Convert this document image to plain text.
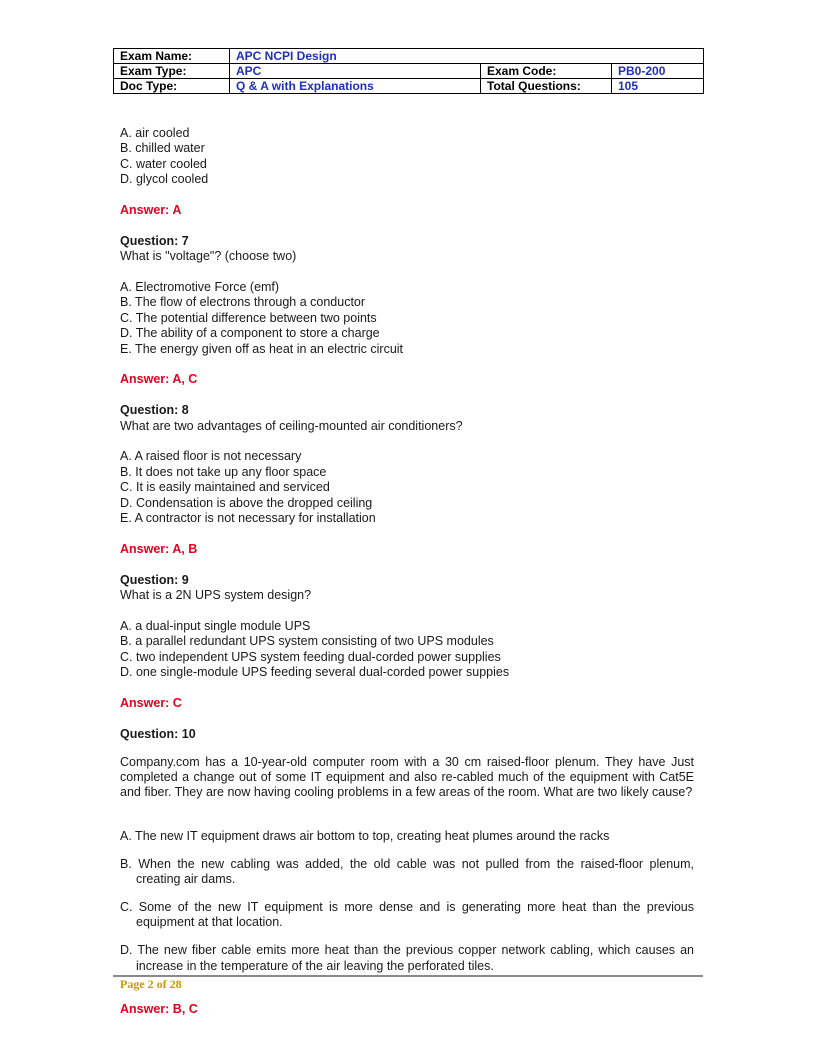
Exam Name:	APC NCPI Design		
Exam Type:	APC	Exam Code:	PB0-200
Doc Type:	Q & A with Explanations	Total Questions:	105

A. air cooled

B. chilled water

C. water cooled

D. glycol cooled

Answer: A

Question: 7

What is "voltage"? (choose two)

A. Electromotive Force (emf)

B. The flow of electrons through a conductor

C. The potential difference between two points

D. The ability of a component to store a charge

E. The energy given off as heat in an electric circuit

Answer: A, C

Question: 8

What are two advantages of ceiling-mounted air conditioners?

A. A raised floor is not necessary

B. It does not take up any floor space

C. It is easily maintained and serviced

D. Condensation is above the dropped ceiling

E. A contractor is not necessary for installation

Answer: A, B

Question: 9

What is a 2N UPS system design?

A. a dual-input single module UPS

B. a parallel redundant UPS system consisting of two UPS modules

C. two independent UPS system feeding dual-corded power supplies

D. one single-module UPS feeding several dual-corded power suppies

Answer: C

Question: 10

Company.com has a 10-year-old computer room with a 30 cm raised-floor plenum. They have Just completed a change out of some IT equipment and also re-cabled much of the equipment with Cat5E and fiber. They are now having cooling problems in a few areas of the room. What are two likely cause?

A. The new IT equipment draws air bottom to top, creating heat plumes around the racks

B. When the new cabling was added, the old cable was not pulled from the raised-floor plenum, creating air dams.

C. Some of the new IT equipment is more dense and is generating more heat than the previous equipment at that location.

D. The new fiber cable emits more heat than the previous copper network cabling, which causes an increase in the temperature of the air leaving the perforated tiles.

Answer: B, C

Page 2 of 28
